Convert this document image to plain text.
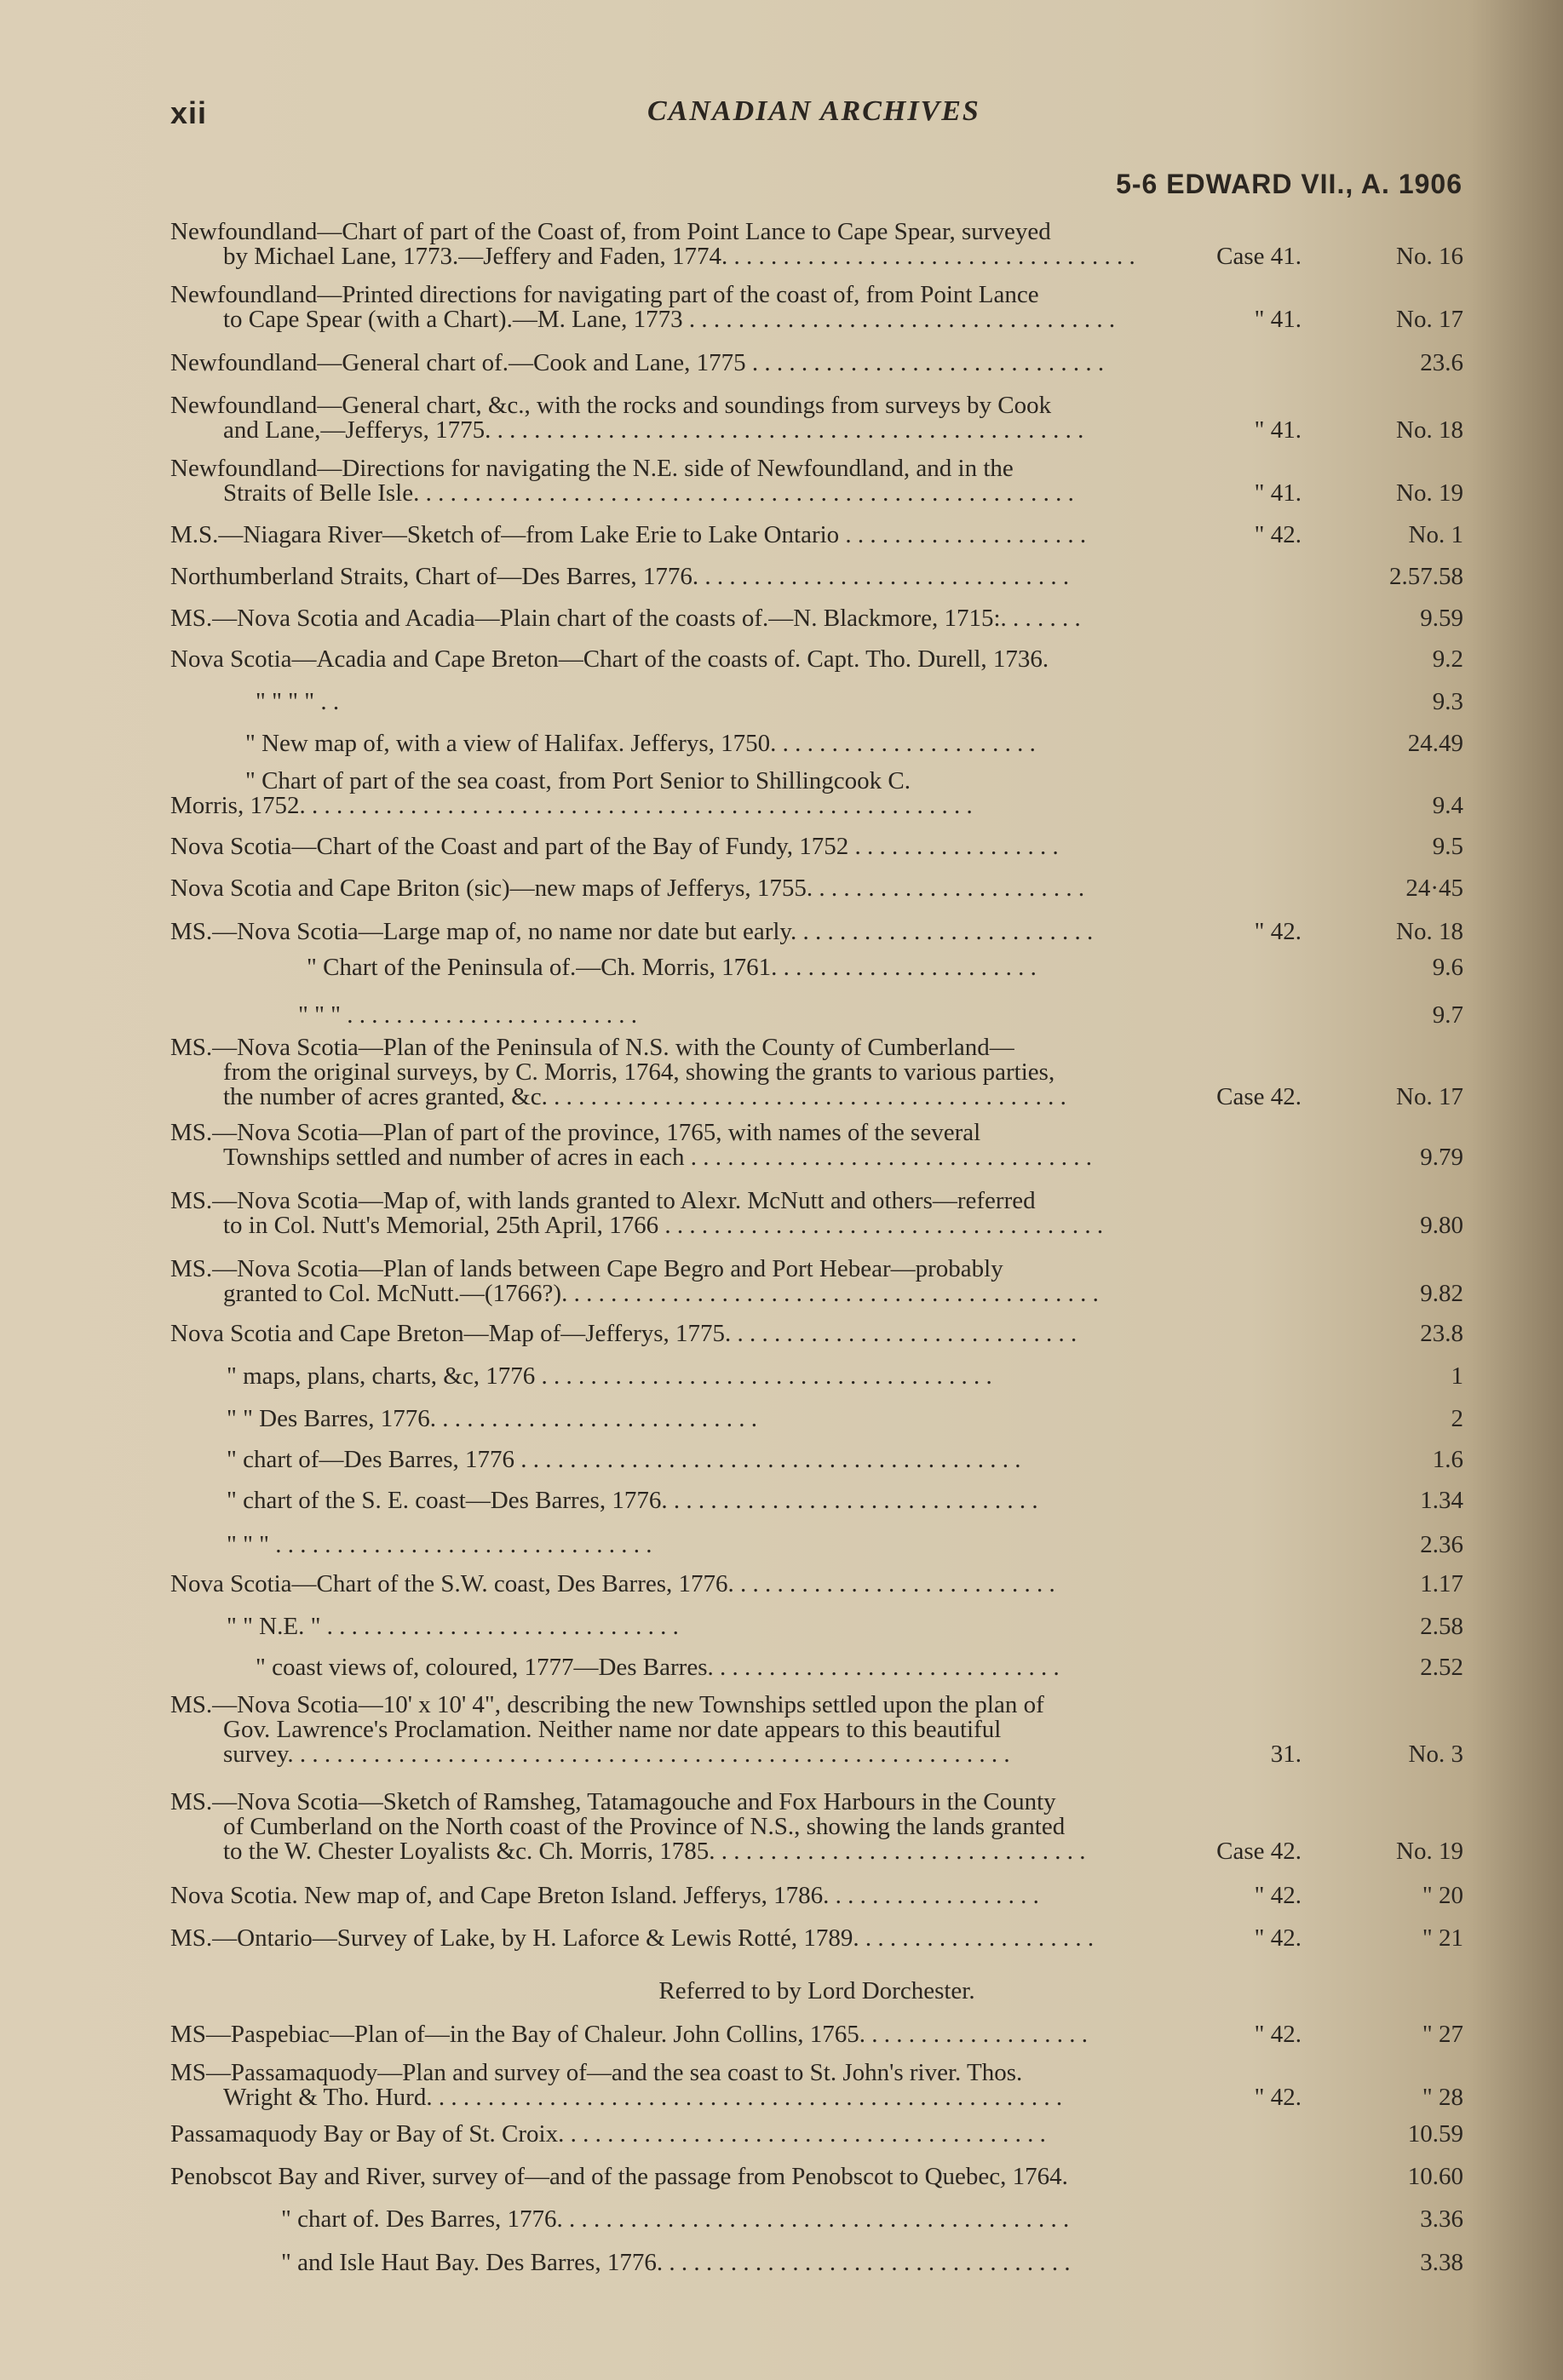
xii	CANADIAN ARCHIVES
5-6 EDWARD VII., A. 1906
Newfoundland—Chart of part of the Coast of, from Point Lance to Cape Spear, surveyed
by Michael Lane, 1773.—Jeffery and Faden, 1774. . . . . . . . . . . . . . . . . . . . . . . . . . . . . . . . . .	Case 41.	No. 16
Newfoundland—Printed directions for navigating part of the coast of, from Point Lance
to Cape Spear (with a Chart).—M. Lane, 1773 . . . . . . . . . . . . . . . . . . . . . . . . . . . . . . . . . . .	" 41.	No. 17
Newfoundland—General chart of.—Cook and Lane, 1775 . . . . . . . . . . . . . . . . . . . . . . . . . . . . .	23.6
Newfoundland—General chart, &c., with the rocks and soundings from surveys by Cook
and Lane,—Jefferys, 1775. . . . . . . . . . . . . . . . . . . . . . . . . . . . . . . . . . . . . . . . . . . . . . . . .	" 41.	No. 18
Newfoundland—Directions for navigating the N.E. side of Newfoundland, and in the
Straits of Belle Isle. . . . . . . . . . . . . . . . . . . . . . . . . . . . . . . . . . . . . . . . . . . . . . . . . . . . . .	" 41.	No. 19
M.S.—Niagara River—Sketch of—from Lake Erie to Lake Ontario . . . . . . . . . . . . . . . . . . . .	" 42.	No. 1
Northumberland Straits, Chart of—Des Barres, 1776. . . . . . . . . . . . . . . . . . . . . . . . . . . . . . .	2.57.58
MS.—Nova Scotia and Acadia—Plain chart of the coasts of.—N. Blackmore, 1715:. . . . . . .	9.59
Nova Scotia—Acadia and Cape Breton—Chart of the coasts of. Capt. Tho. Durell, 1736.	9.2
" " " " . .	9.3
" New map of, with a view of Halifax. Jefferys, 1750. . . . . . . . . . . . . . . . . . . . . .	24.49
" Chart of part of the sea coast, from Port Senior to Shillingcook C.
Morris, 1752. . . . . . . . . . . . . . . . . . . . . . . . . . . . . . . . . . . . . . . . . . . . . . . . . . . . . . .	9.4
Nova Scotia—Chart of the Coast and part of the Bay of Fundy, 1752 . . . . . . . . . . . . . . . . .	9.5
Nova Scotia and Cape Briton (sic)—new maps of Jefferys, 1755. . . . . . . . . . . . . . . . . . . . . . .	24·45
MS.—Nova Scotia—Large map of, no name nor date but early. . . . . . . . . . . . . . . . . . . . . . . . .	" 42.	No. 18
" Chart of the Peninsula of.—Ch. Morris, 1761. . . . . . . . . . . . . . . . . . . . . .	9.6
" " " . . . . . . . . . . . . . . . . . . . . . . . .	9.7
MS.—Nova Scotia—Plan of the Peninsula of N.S. with the County of Cumberland—
from the original surveys, by C. Morris, 1764, showing the grants to various parties,
the number of acres granted, &c. . . . . . . . . . . . . . . . . . . . . . . . . . . . . . . . . . . . . . . . . . .	Case 42.	No. 17
MS.—Nova Scotia—Plan of part of the province, 1765, with names of the several
Townships settled and number of acres in each . . . . . . . . . . . . . . . . . . . . . . . . . . . . . . . . .	9.79
MS.—Nova Scotia—Map of, with lands granted to Alexr. McNutt and others—referred
to in Col. Nutt's Memorial, 25th April, 1766 . . . . . . . . . . . . . . . . . . . . . . . . . . . . . . . . . . . .	9.80
MS.—Nova Scotia—Plan of lands between Cape Begro and Port Hebear—probably
granted to Col. McNutt.—(1766?). . . . . . . . . . . . . . . . . . . . . . . . . . . . . . . . . . . . . . . . . . . .	9.82
Nova Scotia and Cape Breton—Map of—Jefferys, 1775. . . . . . . . . . . . . . . . . . . . . . . . . . . . .	23.8
" maps, plans, charts, &c, 1776 . . . . . . . . . . . . . . . . . . . . . . . . . . . . . . . . . . . . .	1
" " Des Barres, 1776. . . . . . . . . . . . . . . . . . . . . . . . . . .	2
" chart of—Des Barres, 1776 . . . . . . . . . . . . . . . . . . . . . . . . . . . . . . . . . . . . . . . . .	1.6
" chart of the S. E. coast—Des Barres, 1776. . . . . . . . . . . . . . . . . . . . . . . . . . . . . . .	1.34
" " " . . . . . . . . . . . . . . . . . . . . . . . . . . . . . . .	2.36
Nova Scotia—Chart of the S.W. coast, Des Barres, 1776. . . . . . . . . . . . . . . . . . . . . . . . . . .	1.17
" " N.E. " . . . . . . . . . . . . . . . . . . . . . . . . . . . . .	2.58
" coast views of, coloured, 1777—Des Barres. . . . . . . . . . . . . . . . . . . . . . . . . . . . .	2.52
MS.—Nova Scotia—10' x 10' 4", describing the new Townships settled upon the plan of
Gov. Lawrence's Proclamation. Neither name nor date appears to this beautiful
survey. . . . . . . . . . . . . . . . . . . . . . . . . . . . . . . . . . . . . . . . . . . . . . . . . . . . . . . . . . .	31.	No. 3
MS.—Nova Scotia—Sketch of Ramsheg, Tatamagouche and Fox Harbours in the County
of Cumberland on the North coast of the Province of N.S., showing the lands granted
to the W. Chester Loyalists &c. Ch. Morris, 1785. . . . . . . . . . . . . . . . . . . . . . . . . . . . . . .	Case 42.	No. 19
Nova Scotia. New map of, and Cape Breton Island. Jefferys, 1786. . . . . . . . . . . . . . . . . .	" 42.	" 20
MS.—Ontario—Survey of Lake, by H. Laforce & Lewis Rotté, 1789. . . . . . . . . . . . . . . . . . . .	" 42.	" 21
MS—Paspebiac—Plan of—in the Bay of Chaleur. John Collins, 1765. . . . . . . . . . . . . . . . . . .	" 42.	" 27
MS—Passamaquody—Plan and survey of—and the sea coast to St. John's river. Thos.
Wright & Tho. Hurd. . . . . . . . . . . . . . . . . . . . . . . . . . . . . . . . . . . . . . . . . . . . . . . . . . . .	" 42.	" 28
Passamaquody Bay or Bay of St. Croix. . . . . . . . . . . . . . . . . . . . . . . . . . . . . . . . . . . . . . . .	10.59
Penobscot Bay and River, survey of—and of the passage from Penobscot to Quebec, 1764.	10.60
" chart of. Des Barres, 1776. . . . . . . . . . . . . . . . . . . . . . . . . . . . . . . . . . . . . . . . . .	3.36
" and Isle Haut Bay. Des Barres, 1776. . . . . . . . . . . . . . . . . . . . . . . . . . . . . . . . . .	3.38
Referred to by Lord Dorchester.
